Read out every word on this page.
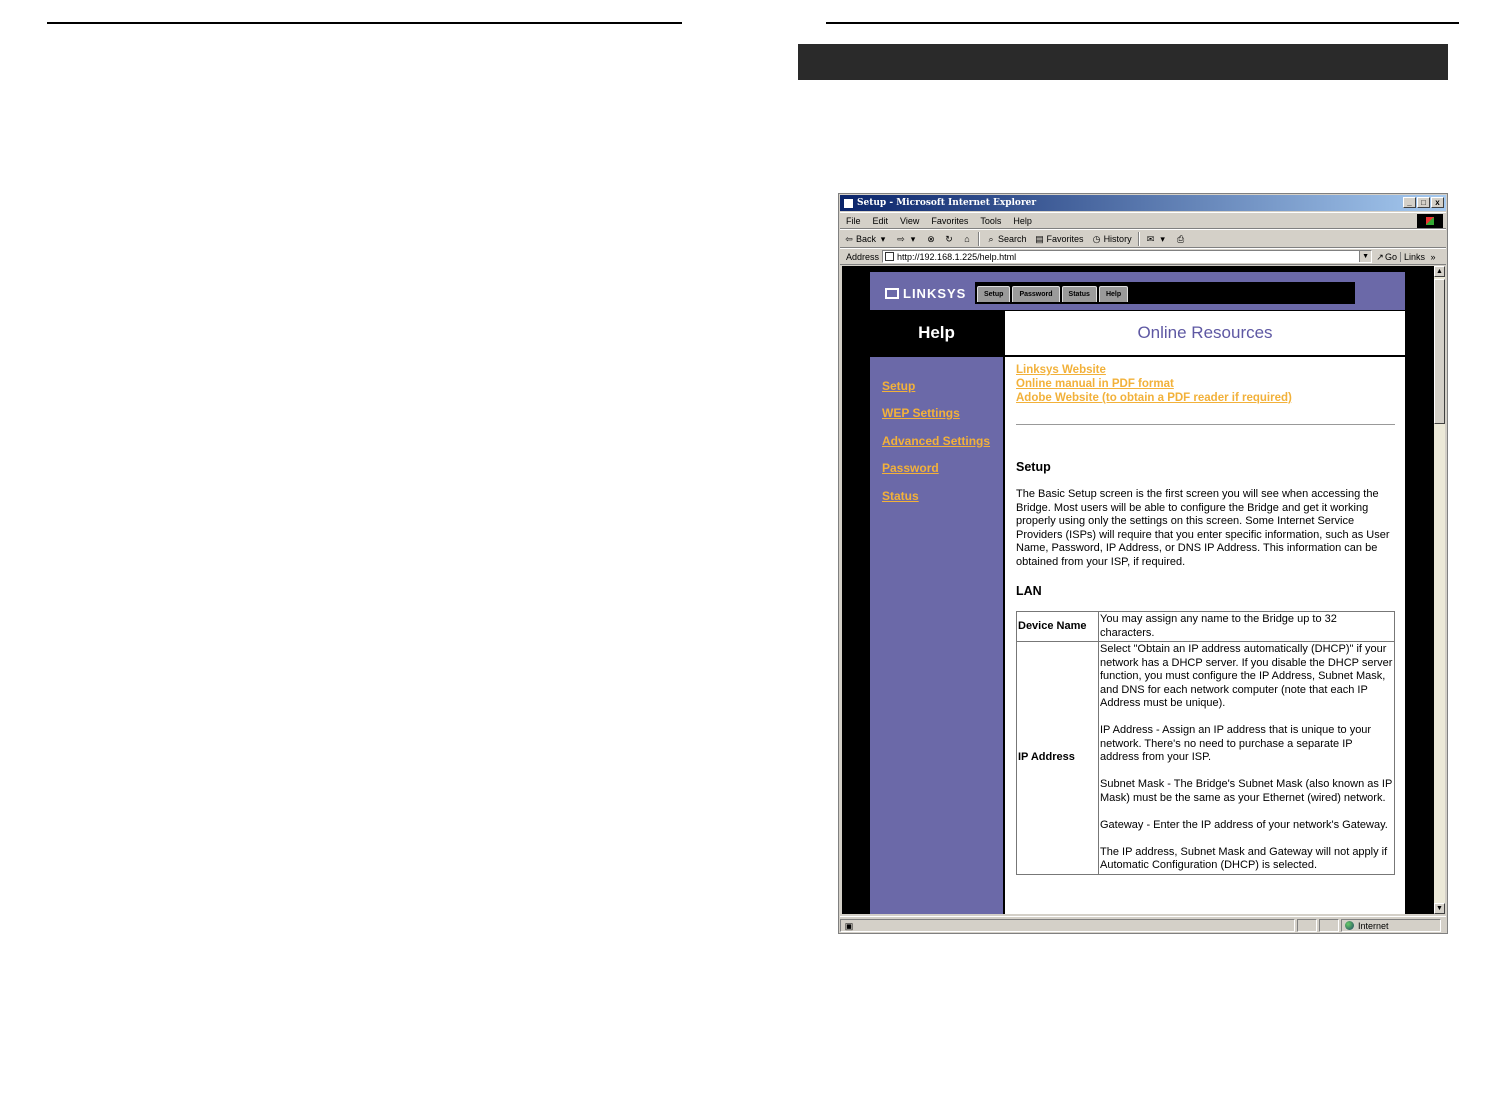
Setup - Microsoft Internet Explorer	_	□	x
File	Edit	View	Favorites	Tools	Help
⇦ Back ▾	⇨ ▾	⊗ ↻ ⌂ ⌕ Search ▤ Favorites ◷ History ✉ ▾	⎙
Address	http://192.168.1.225/help.html	▼ ↗Go Links »
LINKSYS	Setup	Password	Status	Help
Help	Online Resources
Setup
WEP Settings
Advanced Settings
Password
Status
Linksys Website
Online manual in PDF format
Adobe Website (to obtain a PDF reader if required)
Setup
The Basic Setup screen is the first screen you will see when accessing the Bridge. Most users will be able to configure the Bridge and get it working properly using only the settings on this screen. Some Internet Service Providers (ISPs) will require that you enter specific information, such as User Name, Password, IP Address, or DNS IP Address. This information can be obtained from your ISP, if required.
LAN
Device Name	You may assign any name to the Bridge up to 32 characters.
IP Address	Select "Obtain an IP address automatically (DHCP)" if your network has a DHCP server. If you disable the DHCP server function, you must configure the IP Address, Subnet Mask, and DNS for each network computer (note that each IP Address must be unique).

IP Address - Assign an IP address that is unique to your network. There's no need to purchase a separate IP address from your ISP.

Subnet Mask - The Bridge's Subnet Mask (also known as IP Mask) must be the same as your Ethernet (wired) network.

Gateway - Enter the IP address of your network's Gateway.

The IP address, Subnet Mask and Gateway will not apply if Automatic Configuration (DHCP) is selected.

▲
▼
▣	Internet
